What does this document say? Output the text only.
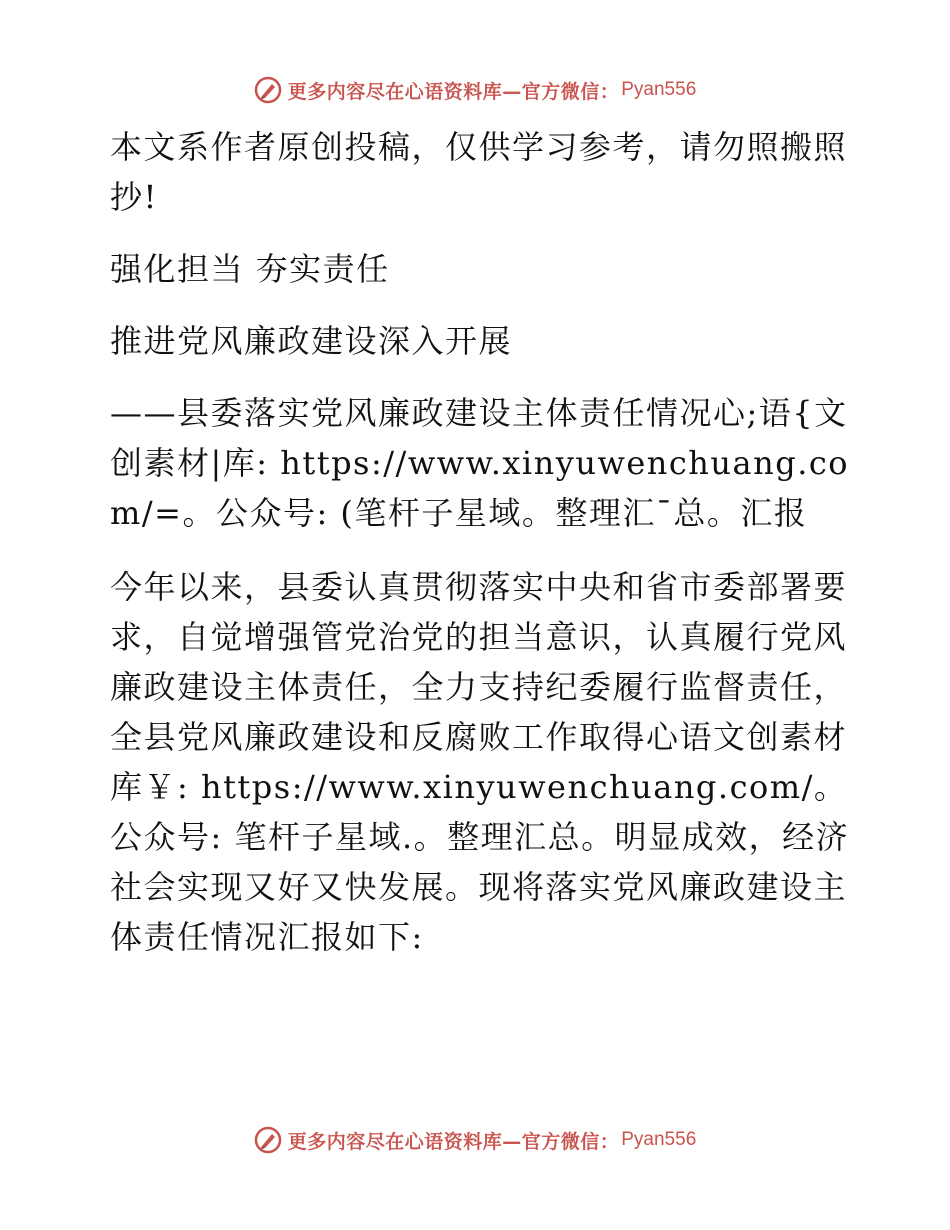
更多内容尽在心语资料库—官方微信： Pyan556

本文系作者原创投稿，仅供学习参考，请勿照搬照抄!

强化担当 夯实责任

推进党风廉政建设深入开展

——县委落实党风廉政建设主体责任情况心;语{文创素材|库: https://www.xinyuwenchuang.com/=。公众号: (笔杆子星域。整理汇¯总。汇报

今年以来，县委认真贯彻落实中央和省市委部署要求，自觉增强管党治党的担当意识，认真履行党风廉政建设主体责任，全力支持纪委履行监督责任，全县党风廉政建设和反腐败工作取得心语文创素材库￥: https://www.xinyuwenchuang.com/。公众号: 笔杆子星域.。整理汇总。明显成效，经济社会实现又好又快发展。现将落实党风廉政建设主体责任情况汇报如下:

更多内容尽在心语资料库—官方微信： Pyan556
